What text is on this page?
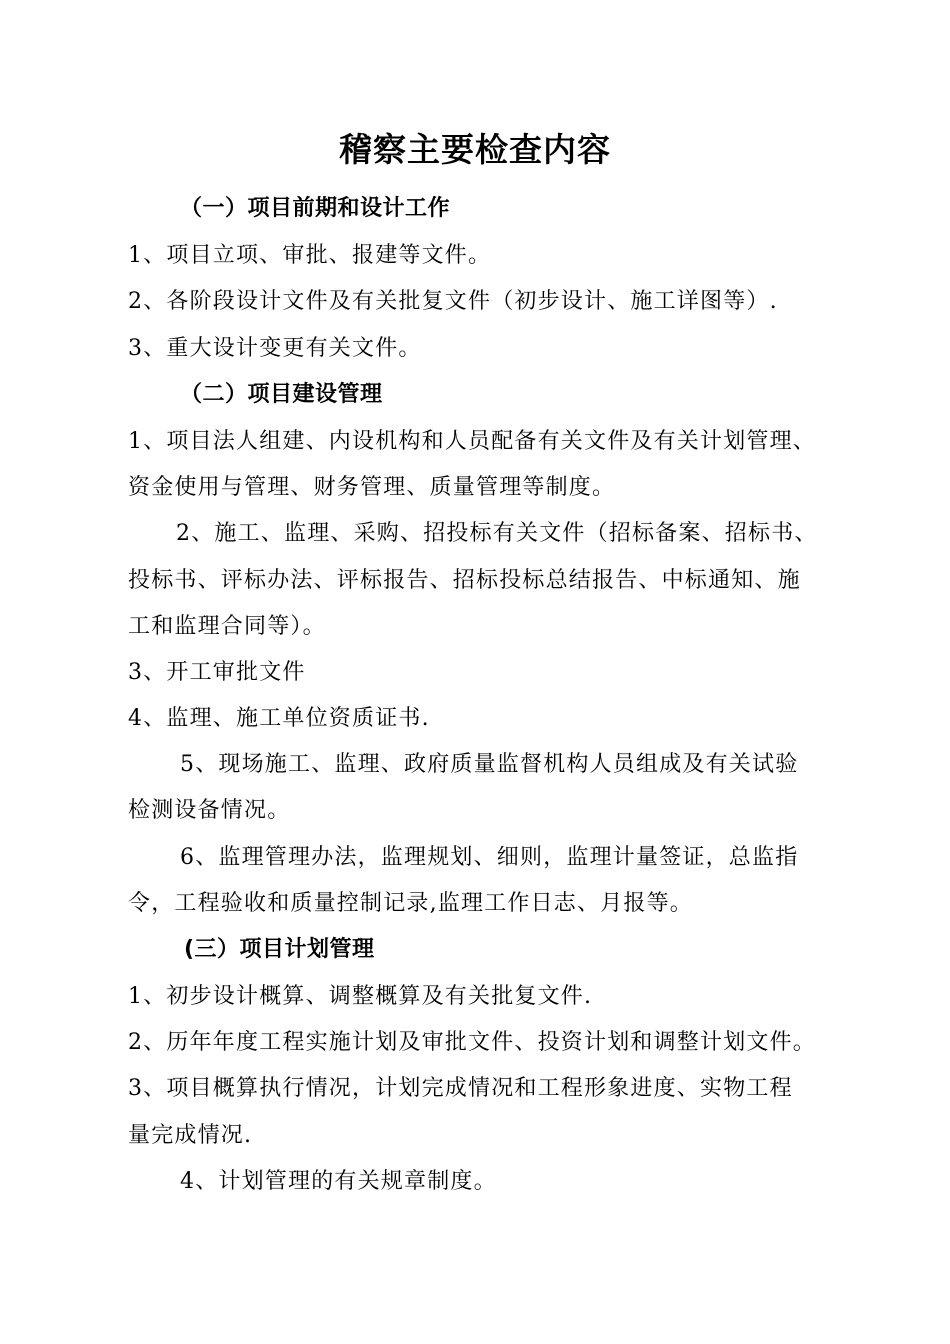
稽察主要检查内容
（一）项目前期和设计工作
1、项目立项、审批、报建等文件。
2、各阶段设计文件及有关批复文件（初步设计、施工详图等）.
3、重大设计变更有关文件。
（二）项目建设管理
1、项目法人组建、内设机构和人员配备有关文件及有关计划管理、
资金使用与管理、财务管理、质量管理等制度。
2、施工、监理、采购、招投标有关文件（招标备案、招标书、
投标书、评标办法、评标报告、招标投标总结报告、中标通知、施
工和监理合同等）。
3、开工审批文件
4、监理、施工单位资质证书.
5、现场施工、监理、政府质量监督机构人员组成及有关试验
检测设备情况。
6、监理管理办法，监理规划、细则，监理计量签证，总监指
令，工程验收和质量控制记录,监理工作日志、月报等。
(三）项目计划管理
1、初步设计概算、调整概算及有关批复文件.
2、历年年度工程实施计划及审批文件、投资计划和调整计划文件。
3、项目概算执行情况，计划完成情况和工程形象进度、实物工程
量完成情况.
4、计划管理的有关规章制度。
